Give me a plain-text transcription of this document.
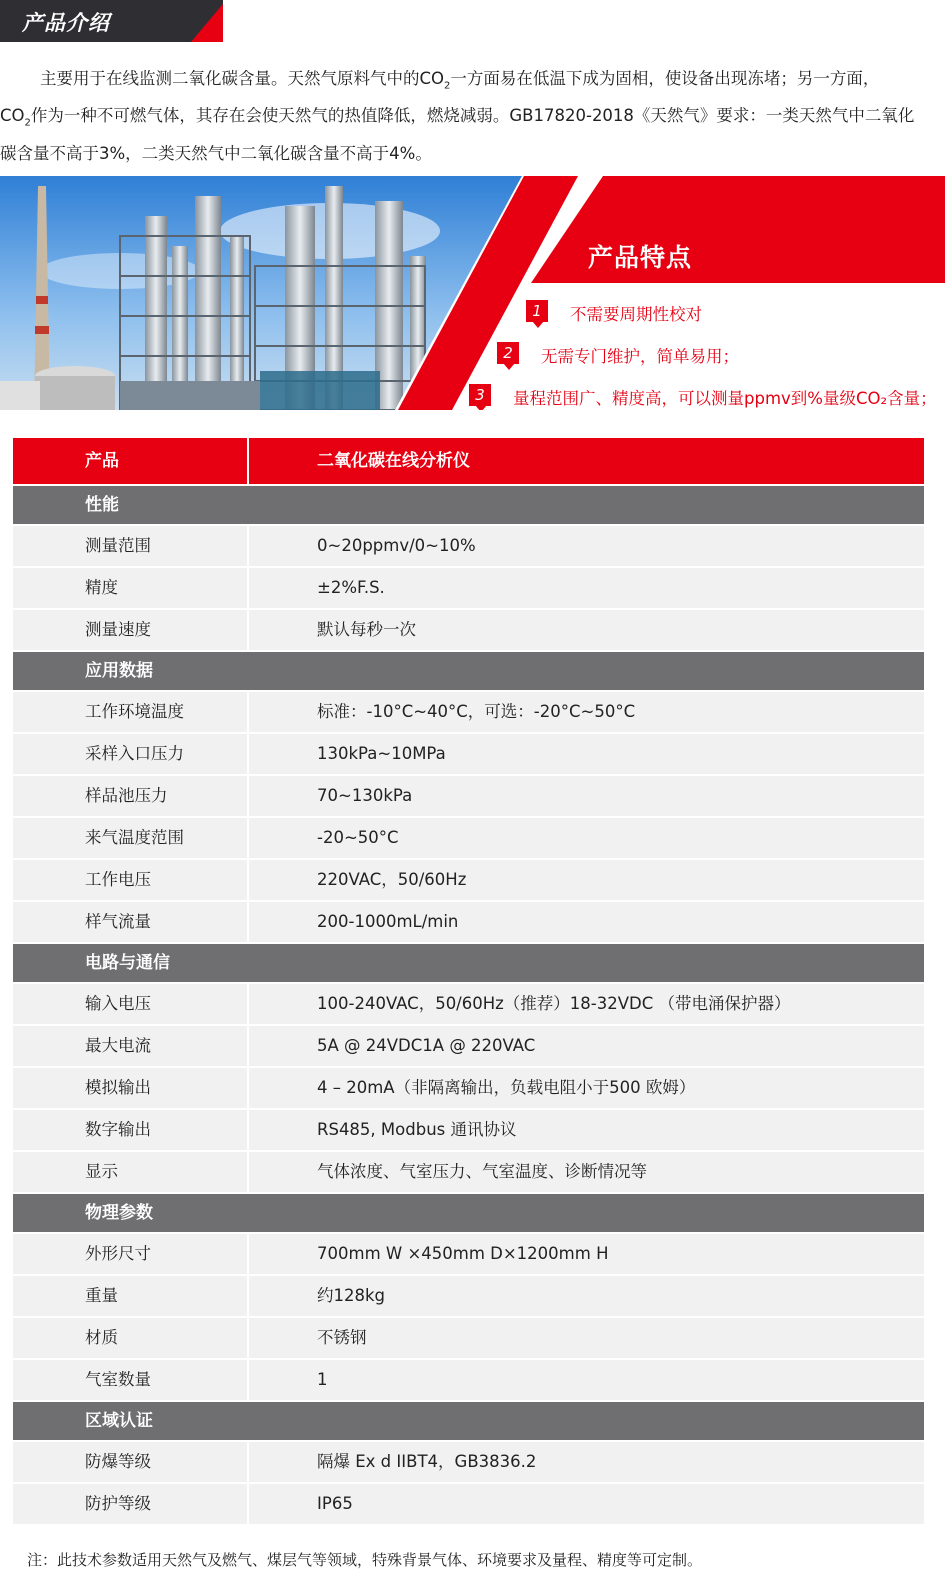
产品介绍
主要用于在线监测二氧化碳含量。天然气原料气中的$CO_2$一方面易在低温下成为固相，使设备出现冻堵；另一方面，
$CO_2$作为一种不可燃气体，其存在会使天然气的热值降低，燃烧减弱。GB17820-2018《天然气》要求：一类天然气中二氧化
碳含量不高于3%，二类天然气中二氧化碳含量不高于4%。
产品特点
1	不需要周期性校对
2	无需专门维护，简单易用；
3	量程范围广、精度高，可以测量ppmv到%量级CO₂含量；
产品	二氧化碳在线分析仪
性能
测量范围	0~20ppmv/0~10%
精度	±2%F.S.
测量速度	默认每秒一次
应用数据
工作环境温度	标准：-10°C~40°C，可选：-20°C~50°C
采样入口压力	130kPa~10MPa
样品池压力	70~130kPa
来气温度范围	-20~50°C
工作电压	220VAC，50/60Hz
样气流量	200-1000mL/min
电路与通信
输入电压	100-240VAC，50/60Hz（推荐）18-32VDC （带电涌保护器）
最大电流	5A @ 24VDC1A @ 220VAC
模拟输出	4 – 20mA（非隔离输出，负载电阻小于500 欧姆）
数字输出	RS485, Modbus 通讯协议
显示	气体浓度、气室压力、气室温度、诊断情况等
物理参数
外形尺寸	700mm W ×450mm D×1200mm H
重量	约128kg
材质	不锈钢
气室数量	1
区域认证
防爆等级	隔爆 Ex d IIBT4，GB3836.2
防护等级	IP65
注：此技术参数适用天然气及燃气、煤层气等领域，特殊背景气体、环境要求及量程、精度等可定制。
